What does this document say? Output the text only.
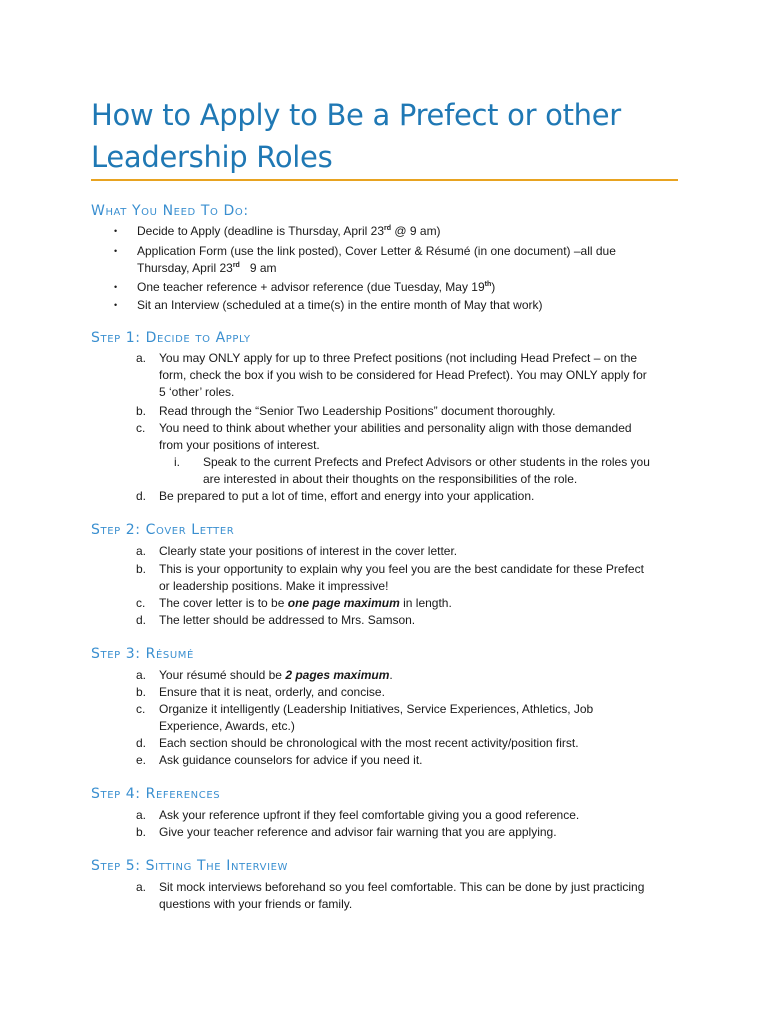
How to Apply to Be a Prefect or other Leadership Roles
What You Need To Do:
• Decide to Apply (deadline is Thursday, April 23rd @ 9 am)
• Application Form (use the link posted), Cover Letter & Résumé (in one document) –all due
Thursday, April 23rd   9 am
• One teacher reference + advisor reference (due Tuesday, May 19th)
• Sit an Interview (scheduled at a time(s) in the entire month of May that work)
Step 1: Decide to Apply
a. You may ONLY apply for up to three Prefect positions (not including Head Prefect – on the
form, check the box if you wish to be considered for Head Prefect). You may ONLY apply for
5 ‘other’ roles.
b. Read through the “Senior Two Leadership Positions” document thoroughly.
c. You need to think about whether your abilities and personality align with those demanded
from your positions of interest.
i. Speak to the current Prefects and Prefect Advisors or other students in the roles you
are interested in about their thoughts on the responsibilities of the role.
d. Be prepared to put a lot of time, effort and energy into your application.
Step 2: Cover Letter
a. Clearly state your positions of interest in the cover letter.
b. This is your opportunity to explain why you feel you are the best candidate for these Prefect
or leadership positions. Make it impressive!
c. The cover letter is to be one page maximum in length.
d. The letter should be addressed to Mrs. Samson.
Step 3: Résumé
a. Your résumé should be 2 pages maximum.
b. Ensure that it is neat, orderly, and concise.
c. Organize it intelligently (Leadership Initiatives, Service Experiences, Athletics, Job
Experience, Awards, etc.)
d. Each section should be chronological with the most recent activity/position first.
e. Ask guidance counselors for advice if you need it.
Step 4: References
a. Ask your reference upfront if they feel comfortable giving you a good reference.
b. Give your teacher reference and advisor fair warning that you are applying.
Step 5: Sitting The Interview
a. Sit mock interviews beforehand so you feel comfortable. This can be done by just practicing
questions with your friends or family.
